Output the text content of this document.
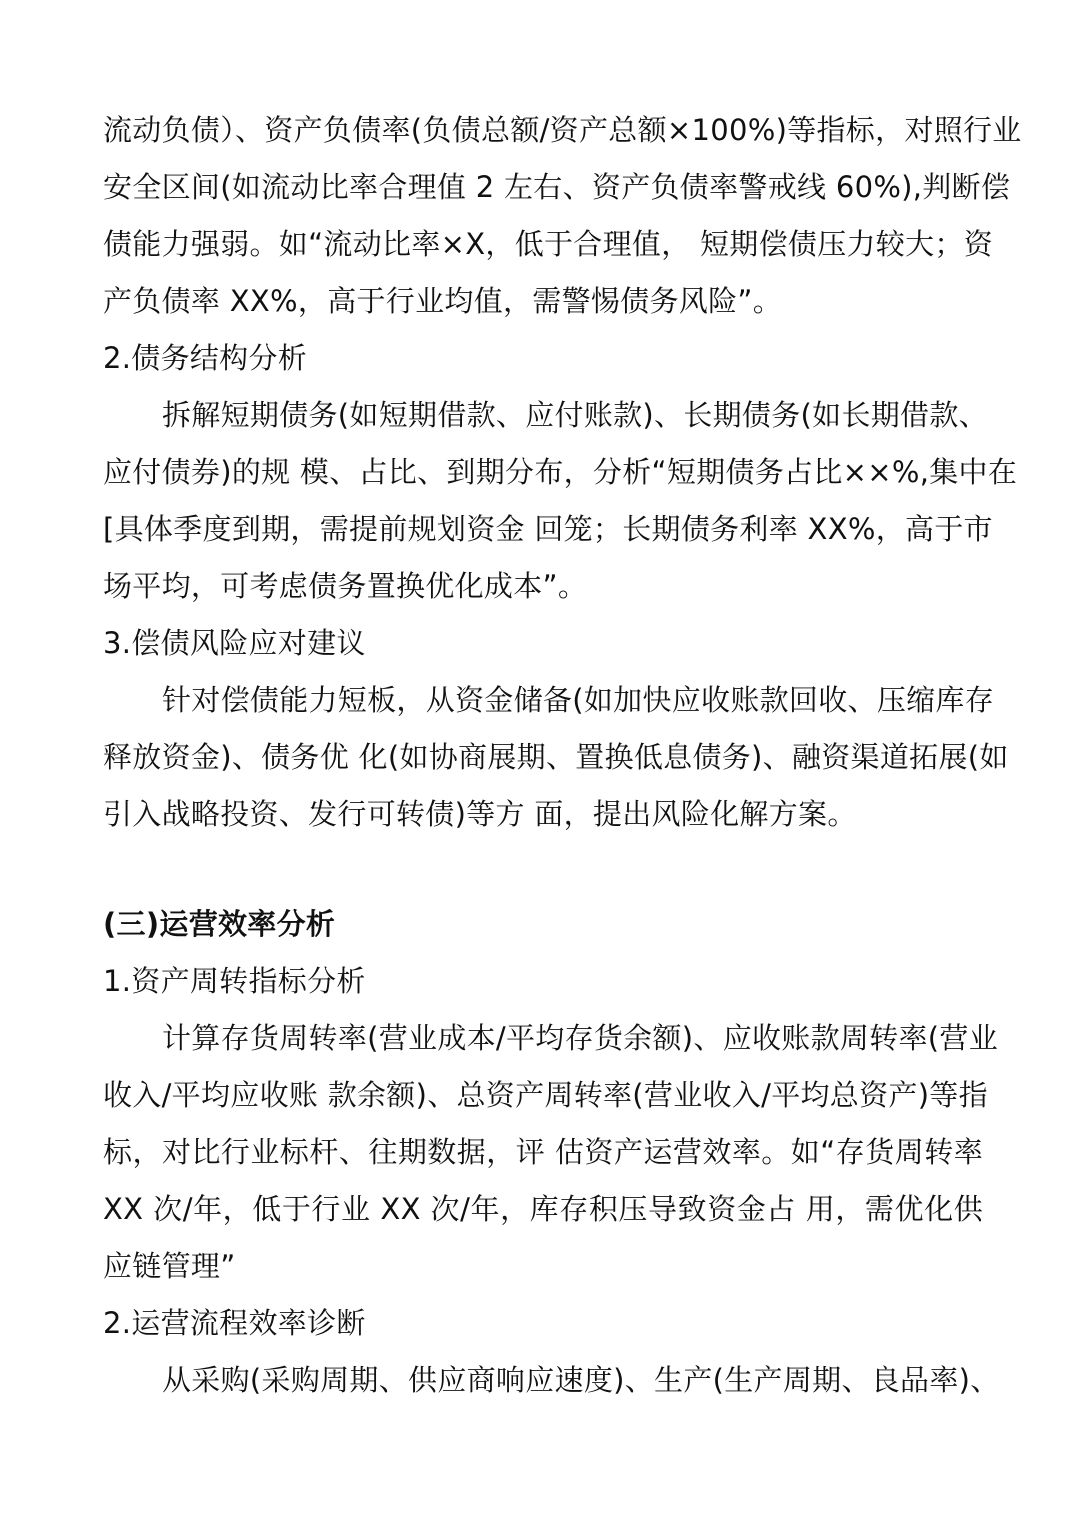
流动负债）、资产负债率(负债总额/资产总额×100%)等指标，对照行业
安全区间(如流动比率合理值 2 左右、资产负债率警戒线 60%),判断偿
债能力强弱。如“流动比率×X，低于合理值， 短期偿债压力较大；资
产负债率 XX%，高于行业均值，需警惕债务风险”。
2.债务结构分析
拆解短期债务(如短期借款、应付账款)、长期债务(如长期借款、
应付债券)的规 模、占比、到期分布，分析“短期债务占比××%,集中在
[具体季度到期，需提前规划资金 回笼；长期债务利率 XX%，高于市
场平均，可考虑债务置换优化成本”。
3.偿债风险应对建议
针对偿债能力短板，从资金储备(如加快应收账款回收、压缩库存
释放资金)、债务优 化(如协商展期、置换低息债务)、融资渠道拓展(如
引入战略投资、发行可转债)等方 面，提出风险化解方案。
(三)运营效率分析
1.资产周转指标分析
计算存货周转率(营业成本/平均存货余额)、应收账款周转率(营业
收入/平均应收账 款余额)、总资产周转率(营业收入/平均总资产)等指
标，对比行业标杆、往期数据，评 估资产运营效率。如“存货周转率
XX 次/年，低于行业 XX 次/年，库存积压导致资金占 用，需优化供
应链管理”
2.运营流程效率诊断
从采购(采购周期、供应商响应速度)、生产(生产周期、良品率)、
